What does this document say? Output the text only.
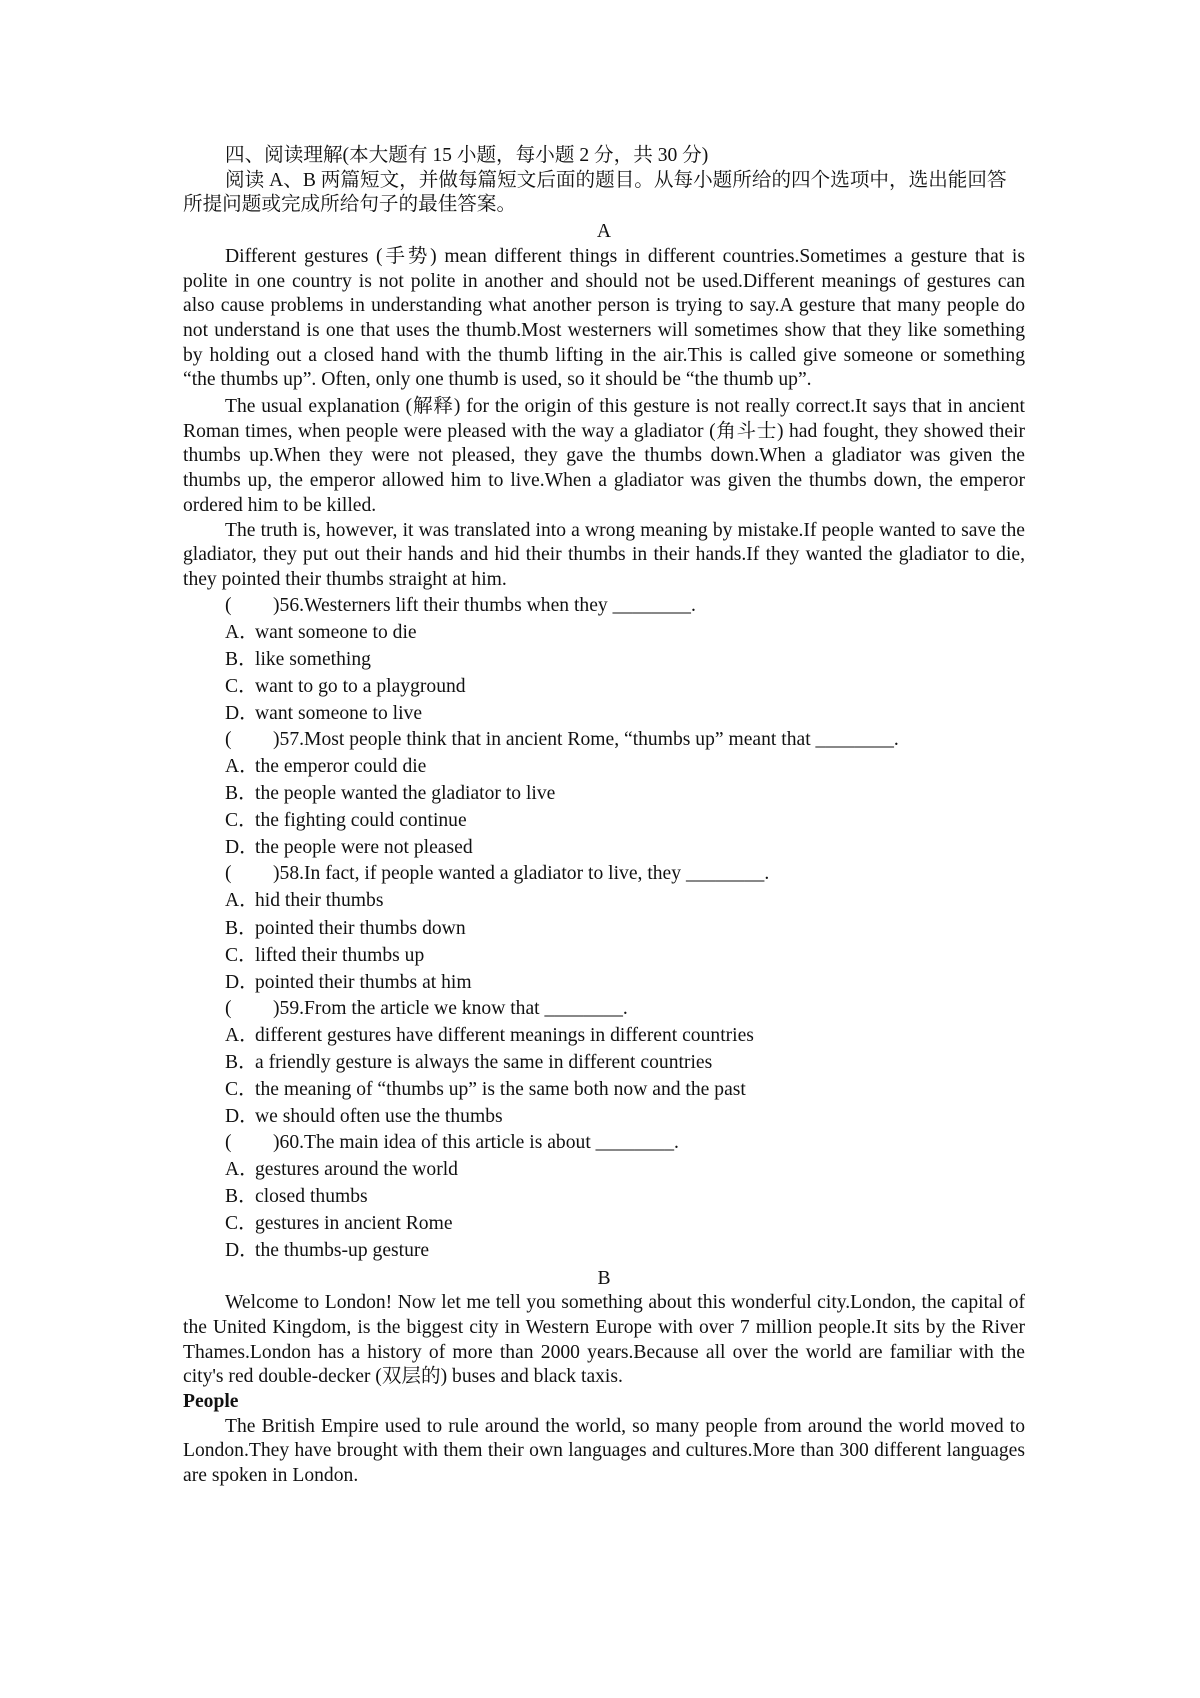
四、阅读理解(本大题有 15 小题，每小题 2 分，共 30 分)

阅读 A、B 两篇短文，并做每篇短文后面的题目。从每小题所给的四个选项中，选出能回答所提问题或完成所给句子的最佳答案。

A

Different gestures (手势) mean different things in different countries.Sometimes a gesture that is polite in one country is not polite in another and should not be used.Different meanings of gestures can also cause problems in understanding what another person is trying to say.A gesture that many people do not understand is one that uses the thumb.Most westerners will sometimes show that they like something by holding out a closed hand with the thumb lifting in the air.This is called give someone or something “the thumbs up”. Often, only one thumb is used, so it should be “the thumb up”.

The usual explanation (解释) for the origin of this gesture is not really correct.It says that in ancient Roman times, when people were pleased with the way a gladiator (角斗士) had fought, they showed their thumbs up.When they were not pleased, they gave the thumbs down.When a gladiator was given the thumbs up, the emperor allowed him to live.When a gladiator was given the thumbs down, the emperor ordered him to be killed.

The truth is, however, it was translated into a wrong meaning by mistake.If people wanted to save the gladiator, they put out their hands and hid their thumbs in their hands.If they wanted the gladiator to die, they pointed their thumbs straight at him.

( )56.Westerners lift their thumbs when they ________.

A．want someone to die

B．like something

C．want to go to a playground

D．want someone to live

( )57.Most people think that in ancient Rome, “thumbs up” meant that ________.

A．the emperor could die

B．the people wanted the gladiator to live

C．the fighting could continue

D．the people were not pleased

( )58.In fact, if people wanted a gladiator to live, they ________.

A．hid their thumbs

B．pointed their thumbs down

C．lifted their thumbs up

D．pointed their thumbs at him

( )59.From the article we know that ________.

A．different gestures have different meanings in different countries

B．a friendly gesture is always the same in different countries

C．the meaning of “thumbs up” is the same both now and the past

D．we should often use the thumbs

( )60.The main idea of this article is about ________.

A．gestures around the world

B．closed thumbs

C．gestures in ancient Rome

D．the thumbs-up gesture

B

Welcome to London! Now let me tell you something about this wonderful city.London, the capital of the United Kingdom, is the biggest city in Western Europe with over 7 million people.It sits by the River Thames.London has a history of more than 2000 years.Because all over the world are familiar with the city's red double-decker (双层的) buses and black taxis.

People

The British Empire used to rule around the world, so many people from around the world moved to London.They have brought with them their own languages and cultures.More than 300 different languages are spoken in London.
